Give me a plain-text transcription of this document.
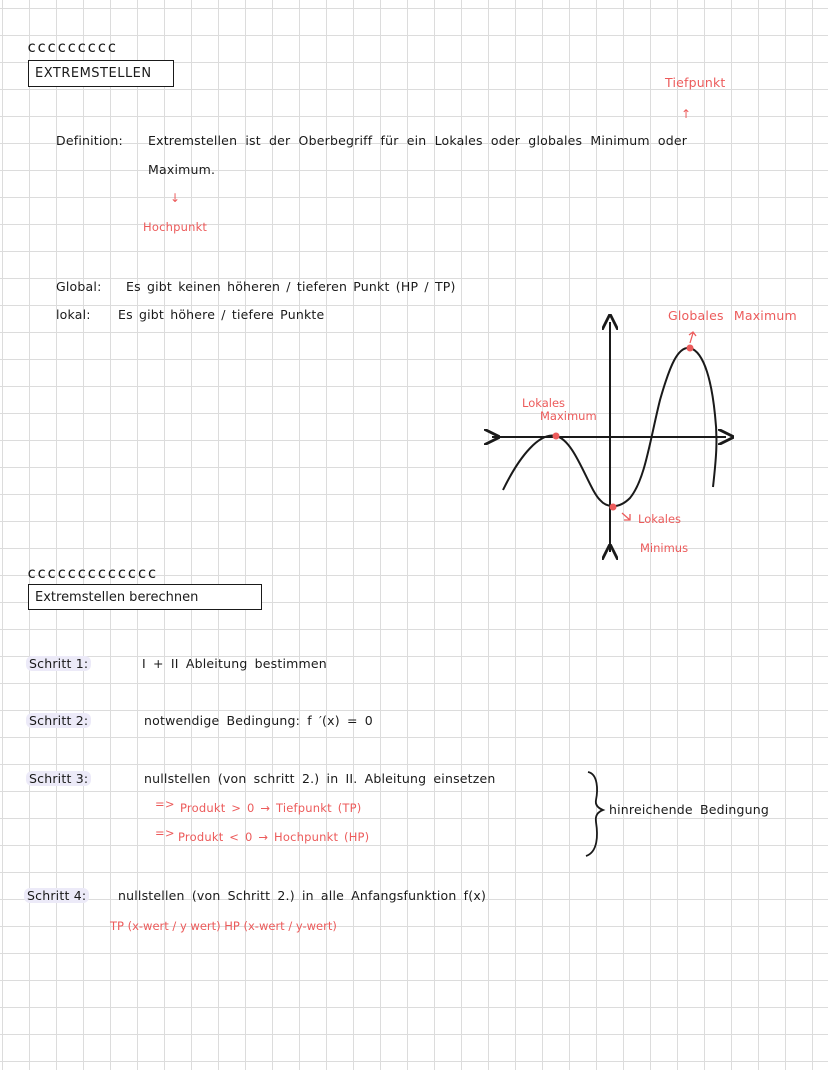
ccccccccc
EXTREMSTELLEN
Tiefpunkt
↑
Definition: Extremstellen ist der Oberbegriff für ein Lokales oder globales Minimum oder
Maximum.
↓
Hochpunkt
Global: Es gibt keinen höheren / tieferen Punkt (HP / TP)
lokal: Es gibt höhere / tiefere Punkte	Globales Maximum
Lokales
Maximum
Lokales
Minimus
ccccccccccccc
Extremstellen berechnen
Schritt 1:	I + II Ableitung bestimmen
Schritt 2:	notwendige Bedingung: f ′(x) = 0
Schritt 3:	nullstellen (von schritt 2.) in II. Ableitung einsetzen
=> Produkt > 0 → Tiefpunkt (TP)
=> Produkt < 0 → Hochpunkt (HP)
hinreichende Bedingung
Schritt 4:	nullstellen (von Schritt 2.) in alle Anfangsfunktion f(x)
TP (x-wert / y wert) HP (x-wert / y-wert)
